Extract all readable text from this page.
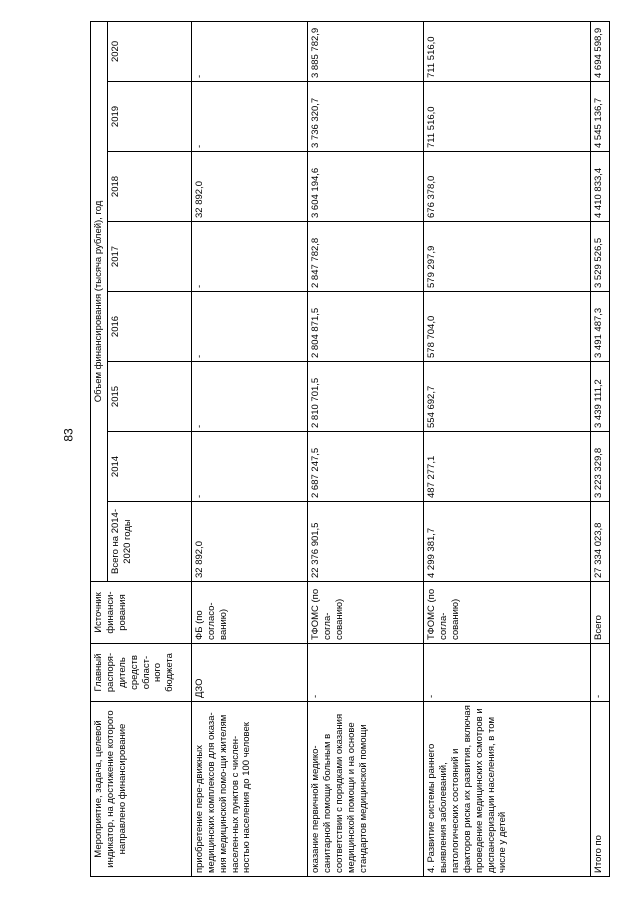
83
Мероприятие, задача, целевой индикатор, на достижение которого направлено финансирование	Главный распоря-дитель средств област-ного бюджета	Источник финанси-рования	Объем финансирования (тысяча рублей), год							
			Всего на 2014-2020 годы	2014	2015	2016	2017	2018	2019	2020
приобретение пере-движных медицинских комплексов для оказа-ния медицинской помо-щи жителям населен-ных пунктов с числен-ностью населения до 100 человек	ДЗО	ФБ (по согласо-ванию)	32 892,0	-	-	-	-	32 892,0	-	-
оказание первичной медико-санитарной помощи больным в соответствии с порядками оказания медицинской помощи и на основе стандартов медицинской помощи	-	ТФОМС (по согла-сованию)	22 376 901,5	2 687 247,5	2 810 701,5	2 804 871,5	2 847 782,8	3 604 194,6	3 736 320,7	3 885 782,9
4. Развитие системы раннего выявления заболеваний, патологических состояний и факторов риска их развития, включая проведение медицинских осмотров и диспансеризации населения, в том числе у детей	-	ТФОМС (по согла-сованию)	4 299 381,7	487 277,1	554 692,7	578 704,0	579 297,9	676 378,0	711 516,0	711 516,0
Итого по	-	Всего	27 334 023,8	3 223 329,8	3 439 111,2	3 491 487,3	3 529 526,5	4 410 833,4	4 545 136,7	4 694 598,9
